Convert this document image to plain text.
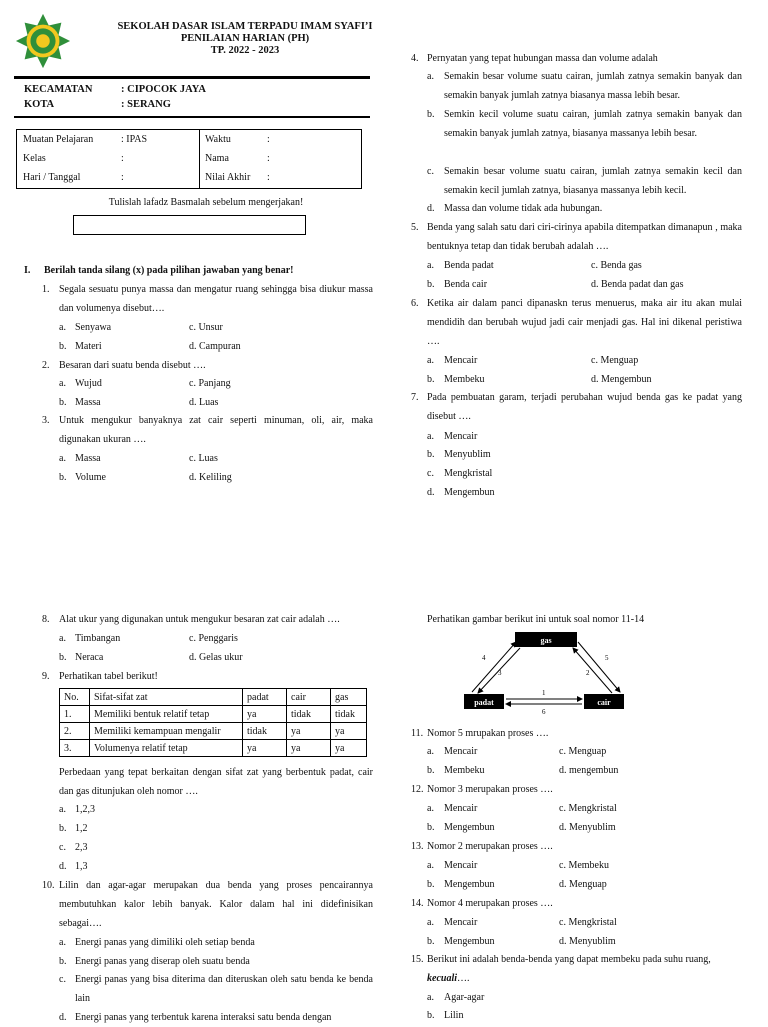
SEKOLAH DASAR ISLAM TERPADU IMAM SYAFI’I
PENILAIAN HARIAN (PH)
TP. 2022 - 2023
KECAMATAN	: CIPOCOK JAYA
KOTA	: SERANG
Muatan Pelajaran	: IPAS
Kelas	:
Hari / Tanggal	:
Waktu	:
Nama	:
Nilai Akhir :
Tulislah lafadz Basmalah sebelum mengerjakan!
I. Berilah tanda silang (x) pada pilihan jawaban yang benar!
1. Segala sesuatu punya massa dan mengatur ruang sehingga bisa diukur massa dan volumenya disebut….
a. Senyawa	c. Unsur
b. Materi	d. Campuran
2. Besaran dari suatu benda disebut ….
a. Wujud	c. Panjang
b. Massa	d. Luas
3. Untuk mengukur banyaknya zat cair seperti minuman, oli, air, maka digunakan ukuran ….
a. Massa	c. Luas
b. Volume	d. Keliling
4. Pernyatan yang tepat hubungan massa dan volume adalah
a. Semakin besar volume suatu cairan, jumlah zatnya semakin banyak dan semakin banyak jumlah zatnya biasanya massa lebih besar.
b. Semkin kecil volume suatu cairan, jumlah zatnya semakin banyak dan semakin banyak jumlah zatnya, biasanya massanya lebih besar.
c. Semakin besar volume suatu cairan, jumlah zatnya semakin kecil dan semakin kecil jumlah zatnya, biasanya massanya lebih kecil.
d. Massa dan volume tidak ada hubungan.
5. Benda yang salah satu dari ciri-cirinya apabila ditempatkan dimanapun , maka bentuknya tetap dan tidak berubah adalah ….
a. Benda padat	c. Benda gas
b. Benda cair	d. Benda padat dan gas
6. Ketika air dalam panci dipanaskn terus menuerus, maka air itu akan mulai mendidih dan berubah wujud jadi cair menjadi gas. Hal ini dikenal peristiwa ….
a. Mencair	c. Menguap
b. Membeku	d. Mengembun
7. Pada pembuatan garam, terjadi perubahan wujud benda gas ke padat yang disebut ….
a. Mencair
b. Menyublim
c. Mengkristal
d. Mengembun
8. Alat ukur yang digunakan untuk mengukur besaran zat cair adalah ….
a. Timbangan	c. Penggaris
b. Neraca	d. Gelas ukur
9. Perhatikan tabel berikut!
No.	Sifat-sifat zat	padat	cair	gas
1.	Memiliki bentuk relatif tetap	ya	tidak	tidak
2.	Memiliki kemampuan mengalir	tidak	ya	ya
3.	Volumenya relatif tetap	ya	ya	ya
Perbedaan yang tepat berkaitan dengan sifat zat yang berbentuk padat, cair dan gas ditunjukan oleh nomor ….
a. 1,2,3
b. 1,2
c. 2,3
d. 1,3
10. Lilin dan agar-agar merupakan dua benda yang proses pencairannya membutuhkan kalor lebih banyak. Kalor dalam hal ini didefinisikan sebagai….
a. Energi panas yang dimiliki oleh setiap benda
b. Energi panas yang diserap oleh suatu benda
c. Energi panas yang bisa diterima dan diteruskan oleh satu benda ke benda lain
d. Energi panas yang terbentuk karena interaksi satu benda dengan
Perhatikan gambar berikut ini untuk soal nomor 11-14
gas
padat	cair
4
3
5
2
1
6
11. Nomor 5 mrupakan proses ….
a. Mencair	c. Menguap
b. Membeku	d. mengembun
12. Nomor 3 merupakan proses ….
a. Mencair	c. Mengkristal
b. Mengembun	d. Menyublim
13. Nomor 2 merupakan proses ….
a. Mencair	c. Membeku
b. Mengembun	d. Menguap
14. Nomor 4 merupakan proses ….
a. Mencair	c. Mengkristal
b. Mengembun	d. Menyublim
15. Berikut ini adalah benda-benda yang dapat membeku pada suhu ruang,
kecuali….
a. Agar-agar
b. Lilin
